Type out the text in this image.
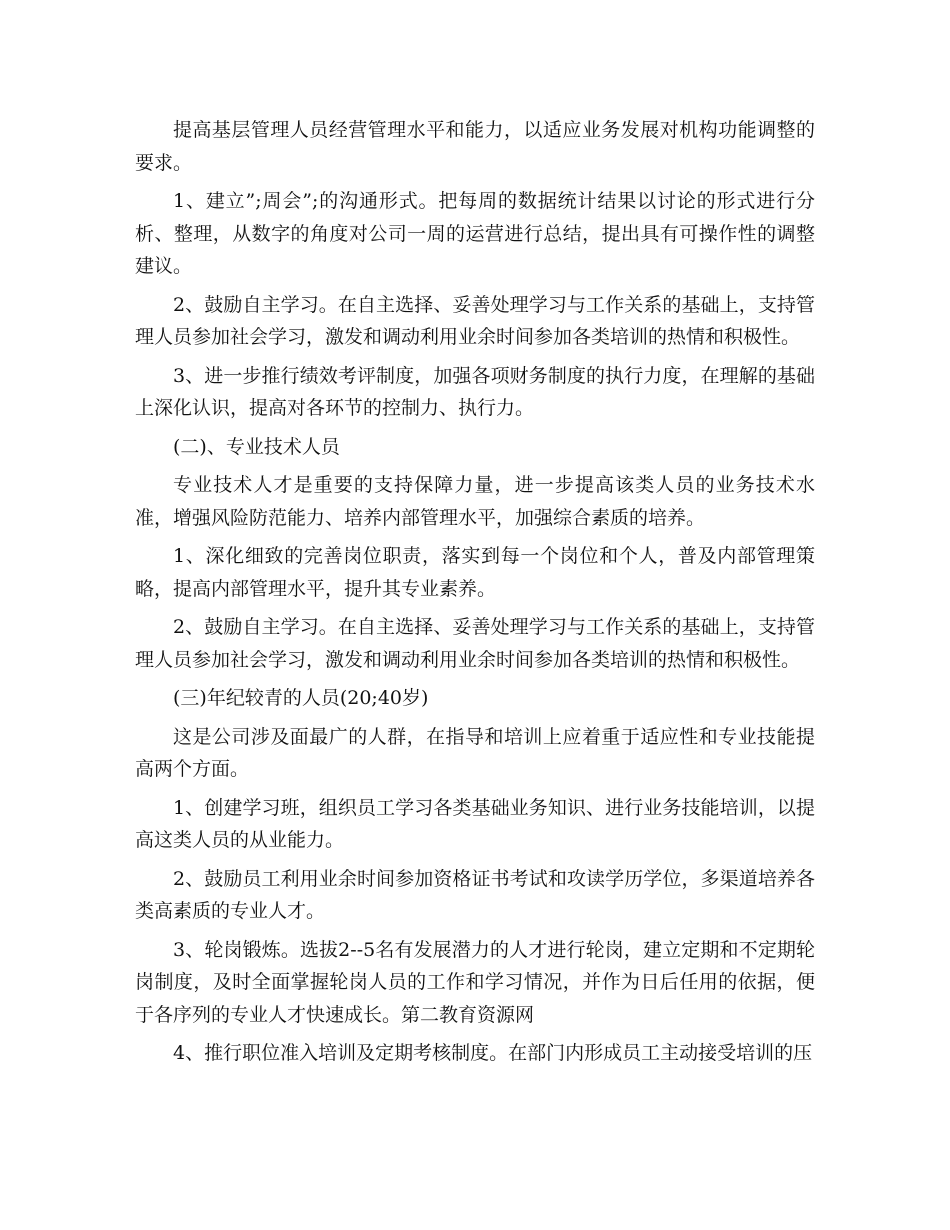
提高基层管理人员经营管理水平和能力，以适应业务发展对机构功能调整的要求。

1、建立”;周会”;的沟通形式。把每周的数据统计结果以讨论的形式进行分析、整理，从数字的角度对公司一周的运营进行总结，提出具有可操作性的调整建议。

2、鼓励自主学习。在自主选择、妥善处理学习与工作关系的基础上，支持管理人员参加社会学习，激发和调动利用业余时间参加各类培训的热情和积极性。

3、进一步推行绩效考评制度，加强各项财务制度的执行力度，在理解的基础上深化认识，提高对各环节的控制力、执行力。

(二)、专业技术人员

专业技术人才是重要的支持保障力量，进一步提高该类人员的业务技术水准，增强风险防范能力、培养内部管理水平，加强综合素质的培养。

1、深化细致的完善岗位职责，落实到每一个岗位和个人，普及内部管理策略，提高内部管理水平，提升其专业素养。

2、鼓励自主学习。在自主选择、妥善处理学习与工作关系的基础上，支持管理人员参加社会学习，激发和调动利用业余时间参加各类培训的热情和积极性。

(三)年纪较青的人员(20;40岁)

这是公司涉及面最广的人群，在指导和培训上应着重于适应性和专业技能提高两个方面。

1、创建学习班，组织员工学习各类基础业务知识、进行业务技能培训，以提高这类人员的从业能力。

2、鼓励员工利用业余时间参加资格证书考试和攻读学历学位，多渠道培养各类高素质的专业人才。

3、轮岗锻炼。选拔2--5名有发展潜力的人才进行轮岗，建立定期和不定期轮岗制度，及时全面掌握轮岗人员的工作和学习情况，并作为日后任用的依据，便于各序列的专业人才快速成长。第二教育资源网

4、推行职位准入培训及定期考核制度。在部门内形成员工主动接受培训的压
